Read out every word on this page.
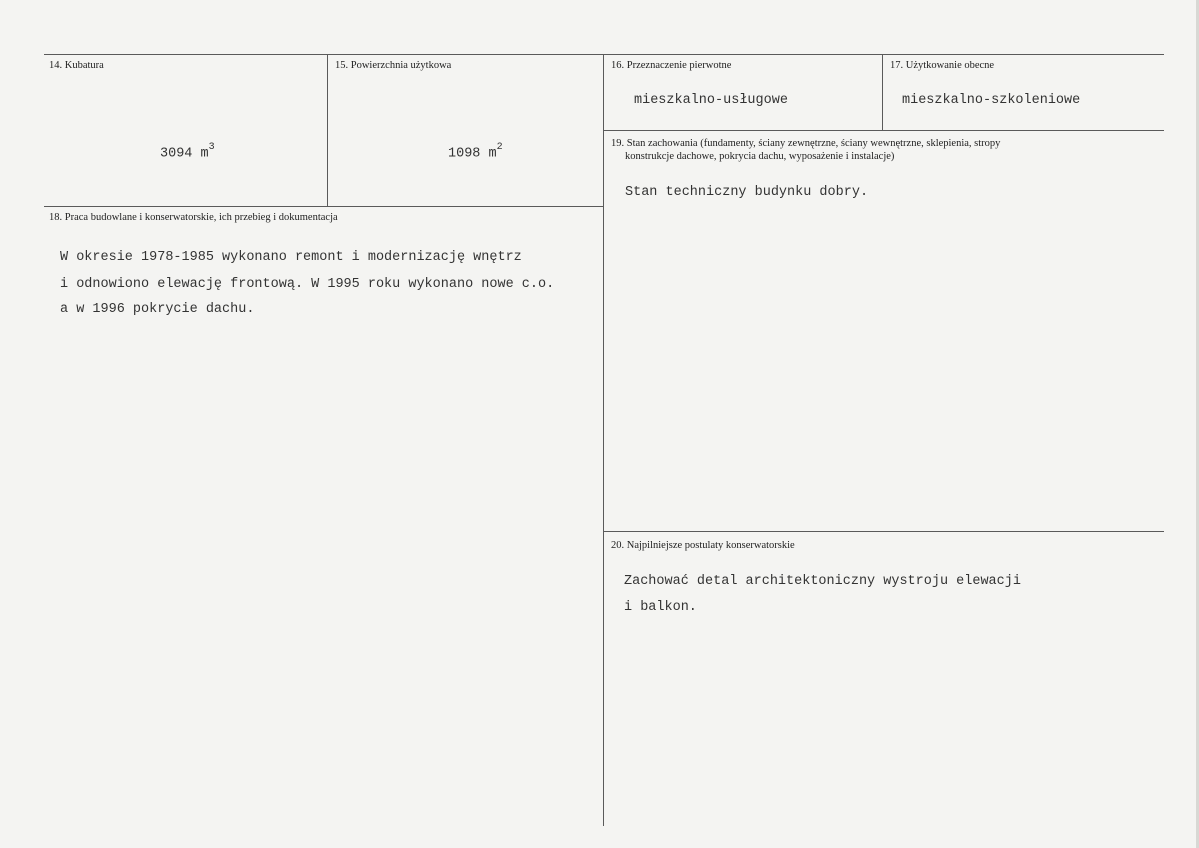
14. Kubatura
3094 $m^3$
15. Powierzchnia użytkowa
1098 $m^2$
16. Przeznaczenie pierwotne
mieszkalno-usługowe
17. Użytkowanie obecne
mieszkalno-szkoleniowe
19. Stan zachowania (fundamenty, ściany zewnętrzne, ściany wewnętrzne, sklepienia, stropy
konstrukcje dachowe, pokrycia dachu, wyposażenie i instalacje)
Stan techniczny budynku dobry.
18. Praca budowlane i konserwatorskie, ich przebieg i dokumentacja
W okresie 1978-1985 wykonano remont i modernizację wnętrz
i odnowiono elewację frontową. W 1995 roku wykonano nowe c.o.
a w 1996 pokrycie dachu.
20. Najpilniejsze postulaty konserwatorskie
Zachować detal architektoniczny wystroju elewacji
i balkon.
